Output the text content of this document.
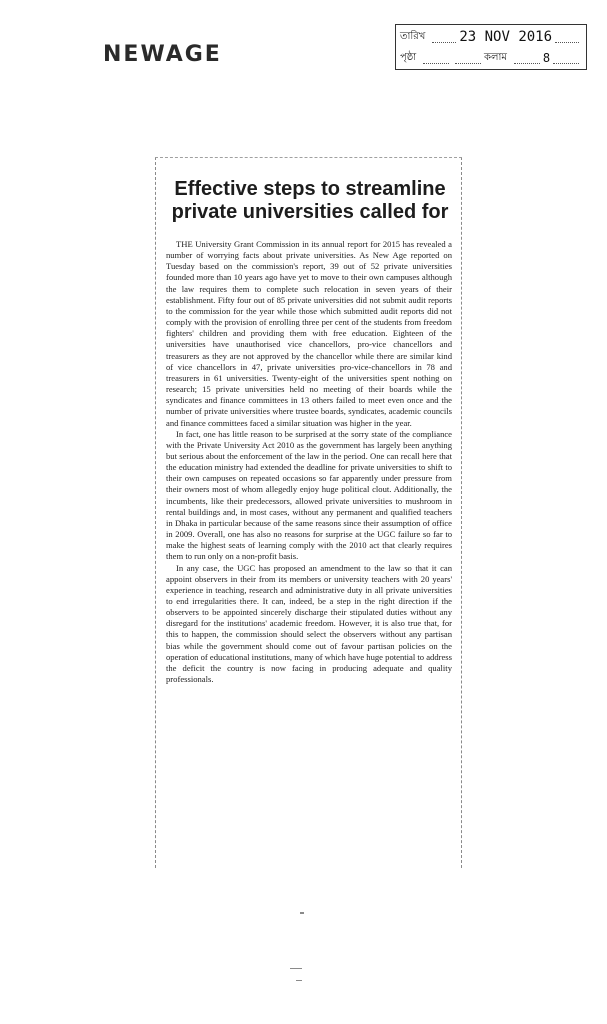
NEWAGE
তারিখ 23 NOV 2016
পৃষ্ঠা	কলাম	8
Effective steps to streamline private universities called for

THE University Grant Commission in its annual report for 2015 has revealed a number of worrying facts about private universities. As New Age reported on Tuesday based on the commission's report, 39 out of 52 private universities founded more than 10 years ago have yet to move to their own campuses although the law requires them to complete such relocation in seven years of their establishment. Fifty four out of 85 private universities did not submit audit reports to the commission for the year while those which submitted audit reports did not comply with the provision of enrolling three per cent of the students from freedom fighters' children and providing them with free education. Eighteen of the universities have unauthorised vice chancellors, pro-vice chancellors and treasurers as they are not approved by the chancellor while there are similar kind of vice chancellors in 47, private universities pro-vice-chancellors in 78 and treasurers in 61 universities. Twenty-eight of the universities spent nothing on research; 15 private universities held no meeting of their boards while the syndicates and finance committees in 13 others failed to meet even once and the number of private universities where trustee boards, syndicates, academic councils and finance committees faced a similar situation was higher in the year.

In fact, one has little reason to be surprised at the sorry state of the compliance with the Private University Act 2010 as the government has largely been anything but serious about the enforcement of the law in the period. One can recall here that the education ministry had extended the deadline for private universities to shift to their own campuses on repeated occasions so far apparently under pressure from their owners most of whom allegedly enjoy huge political clout. Additionally, the incumbents, like their predecessors, allowed private universities to mushroom in rental buildings and, in most cases, without any permanent and qualified teachers in Dhaka in particular because of the same reasons since their assumption of office in 2009. Overall, one has also no reasons for surprise at the UGC failure so far to make the highest seats of learning comply with the 2010 act that clearly requires them to run only on a non-profit basis.

In any case, the UGC has proposed an amendment to the law so that it can appoint observers in their from its members or university teachers with 20 years' experience in teaching, research and administrative duty in all private universities to end irregularities there. It can, indeed, be a step in the right direction if the observers to be appointed sincerely discharge their stipulated duties without any disregard for the institutions' academic freedom. However, it is also true that, for this to happen, the commission should select the observers without any partisan bias while the government should come out of favour partisan policies on the operation of educational institutions, many of which have huge potential to address the deficit the country is now facing in producing adequate and quality professionals.
